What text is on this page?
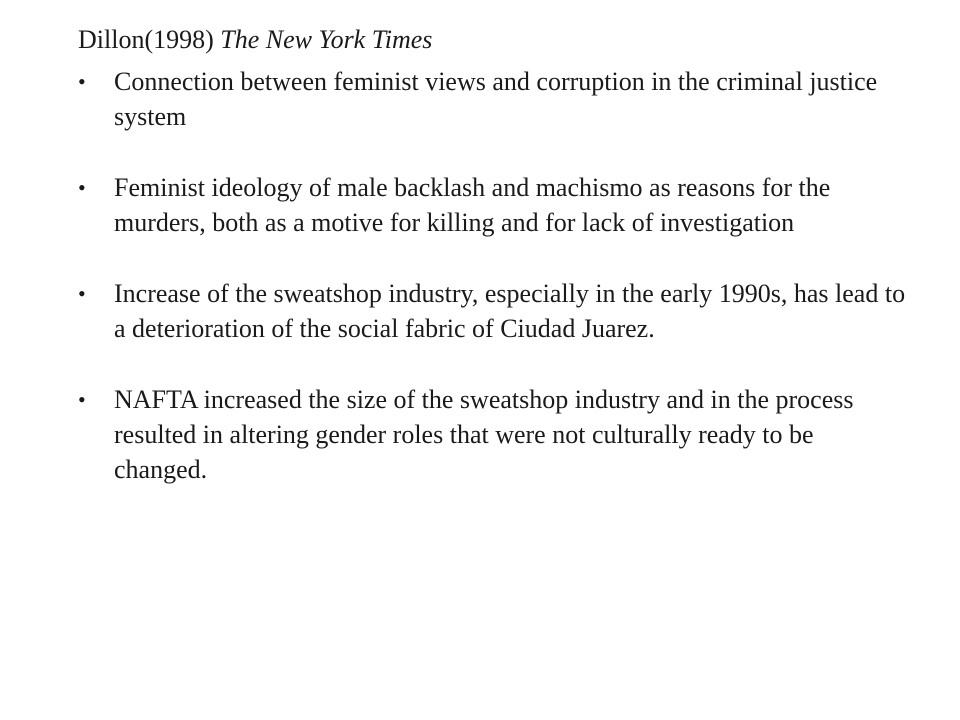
Dillon(1998) The New York Times
• Connection between feminist views and corruption in the criminal justice system
• Feminist ideology of male backlash and machismo as reasons for the murders, both as a motive for killing and for lack of investigation
• Increase of the sweatshop industry, especially in the early 1990s, has lead to a deterioration of the social fabric of Ciudad Juarez.
• NAFTA increased the size of the sweatshop industry and in the process resulted in altering gender roles that were not culturally ready to be changed.
